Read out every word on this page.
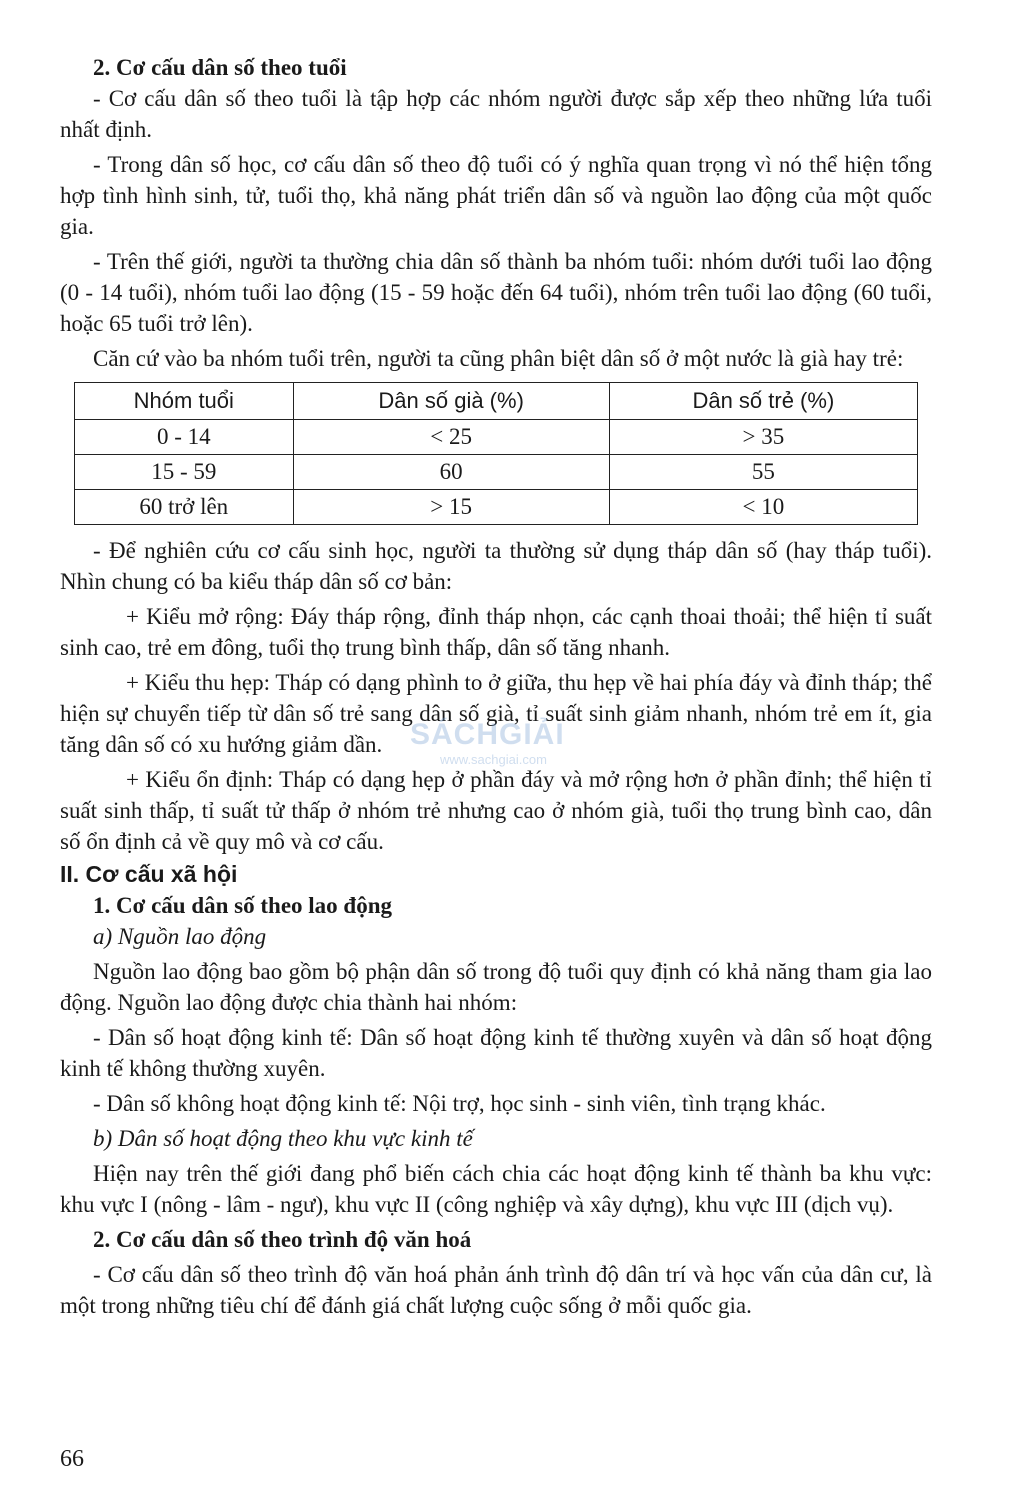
2. Cơ cấu dân số theo tuổi

- Cơ cấu dân số theo tuổi là tập hợp các nhóm người được sắp xếp theo những lứa tuổi nhất định.

- Trong dân số học, cơ cấu dân số theo độ tuổi có ý nghĩa quan trọng vì nó thể hiện tổng hợp tình hình sinh, tử, tuổi thọ, khả năng phát triển dân số và nguồn lao động của một quốc gia.

- Trên thế giới, người ta thường chia dân số thành ba nhóm tuổi: nhóm dưới tuổi lao động (0 - 14 tuổi), nhóm tuổi lao động (15 - 59 hoặc đến 64 tuổi), nhóm trên tuổi lao động (60 tuổi, hoặc 65 tuổi trở lên).

Căn cứ vào ba nhóm tuổi trên, người ta cũng phân biệt dân số ở một nước là già hay trẻ:

Nhóm tuổi	Dân số già (%)	Dân số trẻ (%)
0 - 14	< 25	> 35
15 - 59	60	55
60 trở lên	> 15	< 10

- Để nghiên cứu cơ cấu sinh học, người ta thường sử dụng tháp dân số (hay tháp tuổi). Nhìn chung có ba kiểu tháp dân số cơ bản:

+ Kiểu mở rộng: Đáy tháp rộng, đỉnh tháp nhọn, các cạnh thoai thoải; thể hiện tỉ suất sinh cao, trẻ em đông, tuổi thọ trung bình thấp, dân số tăng nhanh.

+ Kiểu thu hẹp: Tháp có dạng phình to ở giữa, thu hẹp về hai phía đáy và đỉnh tháp; thể hiện sự chuyển tiếp từ dân số trẻ sang dân số già, tỉ suất sinh giảm nhanh, nhóm trẻ em ít, gia tăng dân số có xu hướng giảm dần.

+ Kiểu ổn định: Tháp có dạng hẹp ở phần đáy và mở rộng hơn ở phần đỉnh; thể hiện tỉ suất sinh thấp, tỉ suất tử thấp ở nhóm trẻ nhưng cao ở nhóm già, tuổi thọ trung bình cao, dân số ổn định cả về quy mô và cơ cấu.

II. Cơ cấu xã hội
1. Cơ cấu dân số theo lao động

a) Nguồn lao động

Nguồn lao động bao gồm bộ phận dân số trong độ tuổi quy định có khả năng tham gia lao động. Nguồn lao động được chia thành hai nhóm:

- Dân số hoạt động kinh tế: Dân số hoạt động kinh tế thường xuyên và dân số hoạt động kinh tế không thường xuyên.

- Dân số không hoạt động kinh tế: Nội trợ, học sinh - sinh viên, tình trạng khác.

b) Dân số hoạt động theo khu vực kinh tế

Hiện nay trên thế giới đang phổ biến cách chia các hoạt động kinh tế thành ba khu vực: khu vực I (nông - lâm - ngư), khu vực II (công nghiệp và xây dựng), khu vực III (dịch vụ).

2. Cơ cấu dân số theo trình độ văn hoá

- Cơ cấu dân số theo trình độ văn hoá phản ánh trình độ dân trí và học vấn của dân cư, là một trong những tiêu chí để đánh giá chất lượng cuộc sống ở mỗi quốc gia.

SÁCHGIẢI
www.sachgiai.com
66
